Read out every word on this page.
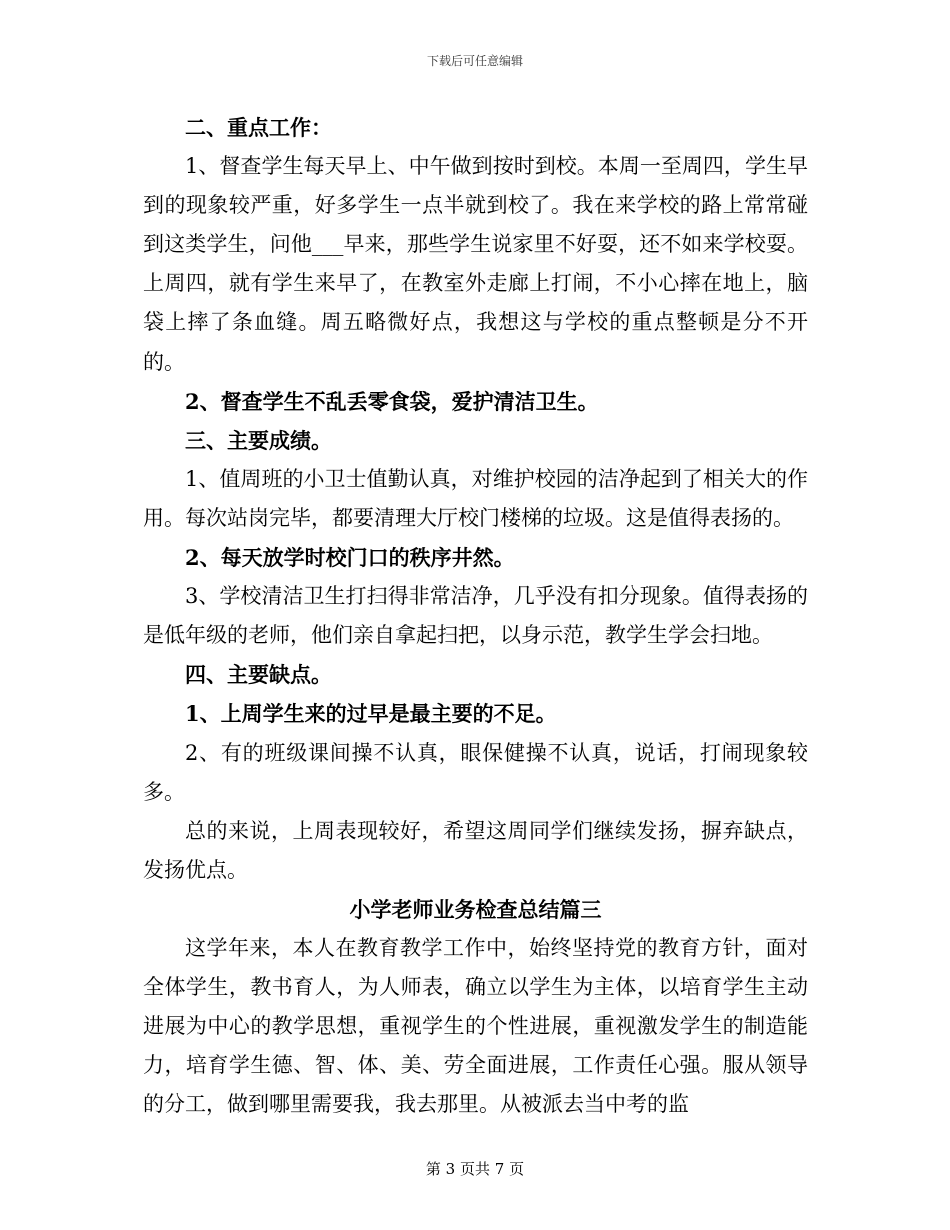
下载后可任意编辑

二、重点工作：

1、督查学生每天早上、中午做到按时到校。本周一至周四，学生早到的现象较严重，好多学生一点半就到校了。我在来学校的路上常常碰到这类学生，问他___早来，那些学生说家里不好耍，还不如来学校耍。上周四，就有学生来早了，在教室外走廊上打闹，不小心摔在地上，脑袋上摔了条血缝。周五略微好点，我想这与学校的重点整顿是分不开的。

2、督查学生不乱丢零食袋，爱护清洁卫生。

三、主要成绩。

1、值周班的小卫士值勤认真，对维护校园的洁净起到了相关大的作用。每次站岗完毕，都要清理大厅校门楼梯的垃圾。这是值得表扬的。

2、每天放学时校门口的秩序井然。

3、学校清洁卫生打扫得非常洁净，几乎没有扣分现象。值得表扬的是低年级的老师，他们亲自拿起扫把，以身示范，教学生学会扫地。

四、主要缺点。

1、上周学生来的过早是最主要的不足。

2、有的班级课间操不认真，眼保健操不认真，说话，打闹现象较多。

总的来说，上周表现较好，希望这周同学们继续发扬，摒弃缺点，发扬优点。

小学老师业务检查总结篇三

这学年来，本人在教育教学工作中，始终坚持党的教育方针，面对全体学生，教书育人，为人师表，确立以学生为主体，以培育学生主动进展为中心的教学思想，重视学生的个性进展，重视激发学生的制造能力，培育学生德、智、体、美、劳全面进展，工作责任心强。服从领导的分工，做到哪里需要我，我去那里。从被派去当中考的监

第 3 页共 7 页
